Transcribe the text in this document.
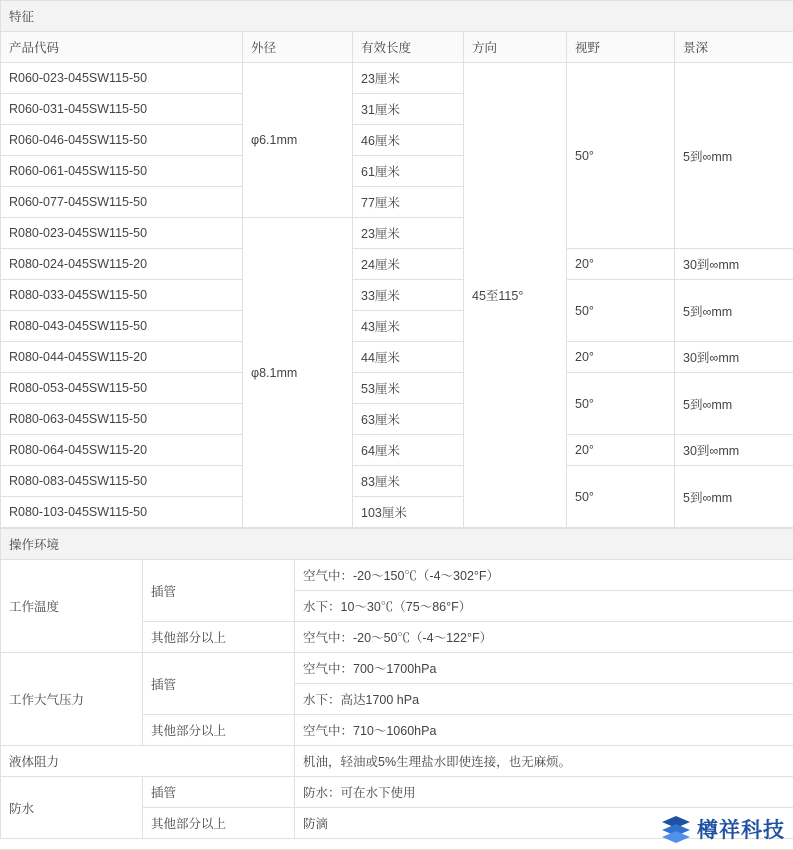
特征					
产品代码	外径	有效长度	方向	视野	景深
R060-023-045SW115-50	φ6.1mm	23厘米	45至115°	50°	5到∞mm
R060-031-045SW115-50		31厘米			
R060-046-045SW115-50		46厘米			
R060-061-045SW115-50		61厘米			
R060-077-045SW115-50		77厘米			
R080-023-045SW115-50	φ8.1mm	23厘米			
R080-024-045SW115-20		24厘米		20°	30到∞mm
R080-033-045SW115-50		33厘米		50°	5到∞mm
R080-043-045SW115-50		43厘米			
R080-044-045SW115-20		44厘米		20°	30到∞mm
R080-053-045SW115-50		53厘米		50°	5到∞mm
R080-063-045SW115-50		63厘米			
R080-064-045SW115-20		64厘米		20°	30到∞mm
R080-083-045SW115-50		83厘米		50°	5到∞mm
R080-103-045SW115-50		103厘米			
操作环境		
工作温度	插管	空气中：-20〜150℃（-4〜302°F）
		水下：10〜30℃（75〜86°F）
	其他部分以上	空气中：-20〜50℃（-4〜122°F）
工作大气压力	插管	空气中：700〜1700hPa
		水下：高达1700 hPa
	其他部分以上	空气中：710〜1060hPa
液体阻力		机油，轻油或5%生理盐水即使连接，也无麻烦。
防水	插管	防水：可在水下使用
	其他部分以上	防滴	樽祥科技
